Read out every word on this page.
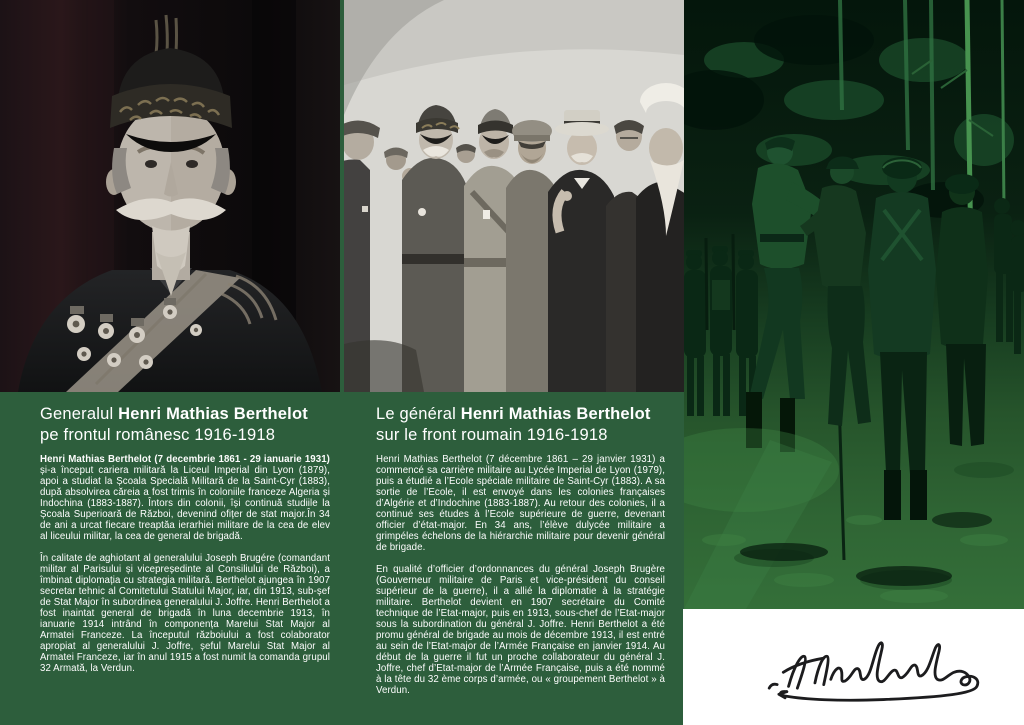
Generalul Henri Mathias Berthelot
pe frontul românesc 1916-1918

Henri Mathias Berthelot (7 decembrie 1861 - 29 ianuarie 1931) și-a început cariera militară la Liceul Imperial din Lyon (1879), apoi a studiat la Școala Specială Militară de la Saint-Cyr (1883), după absolvirea căreia a fost trimis în coloniile franceze Algeria și Indochina (1883-1887). Întors din colonii, își continuă studiile la Școala Superioară de Război, devenind ofițer de stat major.În 34 de ani a urcat fiecare treaptăa ierarhiei militare de la cea de elev al liceului militar, la cea de general de brigadă.

În calitate de aghiotant al generalului Joseph Brugére (comandant militar al Parisului și vicepreședinte al Consiliului de Război), a îmbinat diplomația cu strategia militară. Berthelot ajungea în 1907 secretar tehnic al Comitetului Statului Major, iar, din 1913, sub-șef de Stat Major în subordinea generalului J. Joffre. Henri Berthelot a fost inaintat general de brigadă în luna decembrie 1913, în ianuarie 1914 intrând în componența Marelui Stat Major al Armatei Franceze. La începutul războiului a fost colaborator apropiat al generalului J. Joffre, șeful Marelui Stat Major al Armatei Franceze, iar în anul 1915 a fost numit la comanda grupul 32 Armată, la Verdun.

Le général Henri Mathias Berthelot
sur le front roumain 1916-1918

Henri Mathias Berthelot (7 décembre 1861 – 29 janvier 1931) a commencé sa carrière militaire au Lycée Imperial de Lyon (1979), puis a étudié a l’Ecole spéciale militaire de Saint-Cyr (1883). A sa sortie de l’Ecole, il est envoyé dans les colonies françaises d’Algérie et d’Indochine (1883-1887). Au retour des colonies, il a continué ses études à l’Ecole supérieure de guerre, devenant officier d’état-major. En 34 ans, l’élève dulycée militaire a grimpéles échelons de la hiérarchie militaire pour devenir général de brigade.

En qualité d’officier d’ordonnances du général Joseph Brugère (Gouverneur militaire de Paris et vice-président du conseil supérieur de la guerre), il a allié la diplomatie à la stratégie militaire. Berthelot devient en 1907 secrétaire du Comité technique de l’Etat-major, puis en 1913, sous-chef de l’Etat-major sous la subordination du général J. Joffre. Henri Berthelot a été promu général de brigade au mois de décembre 1913, il est entré au sein de l’Etat-major de l’Armée Française en janvier 1914. Au début de la guerre il fut un proche collaborateur du général J. Joffre, chef d’Etat-major de l’Armée Française, puis a été nommé à la tête du 32 ème corps d’armée, ou « groupement Berthelot » à Verdun.
